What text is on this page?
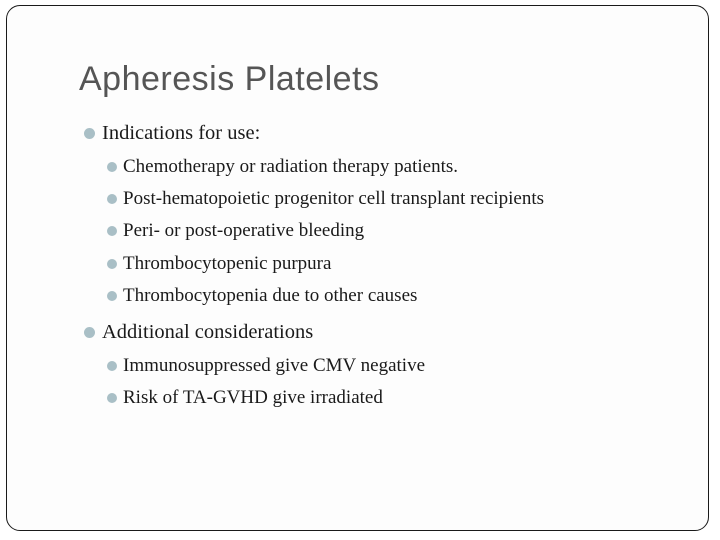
Apheresis Platelets
Indications for use:
Chemotherapy or radiation therapy patients.
Post-hematopoietic progenitor cell transplant recipients
Peri- or post-operative bleeding
Thrombocytopenic purpura
Thrombocytopenia due to other causes
Additional considerations
Immunosuppressed give CMV negative
Risk of TA-GVHD give irradiated
